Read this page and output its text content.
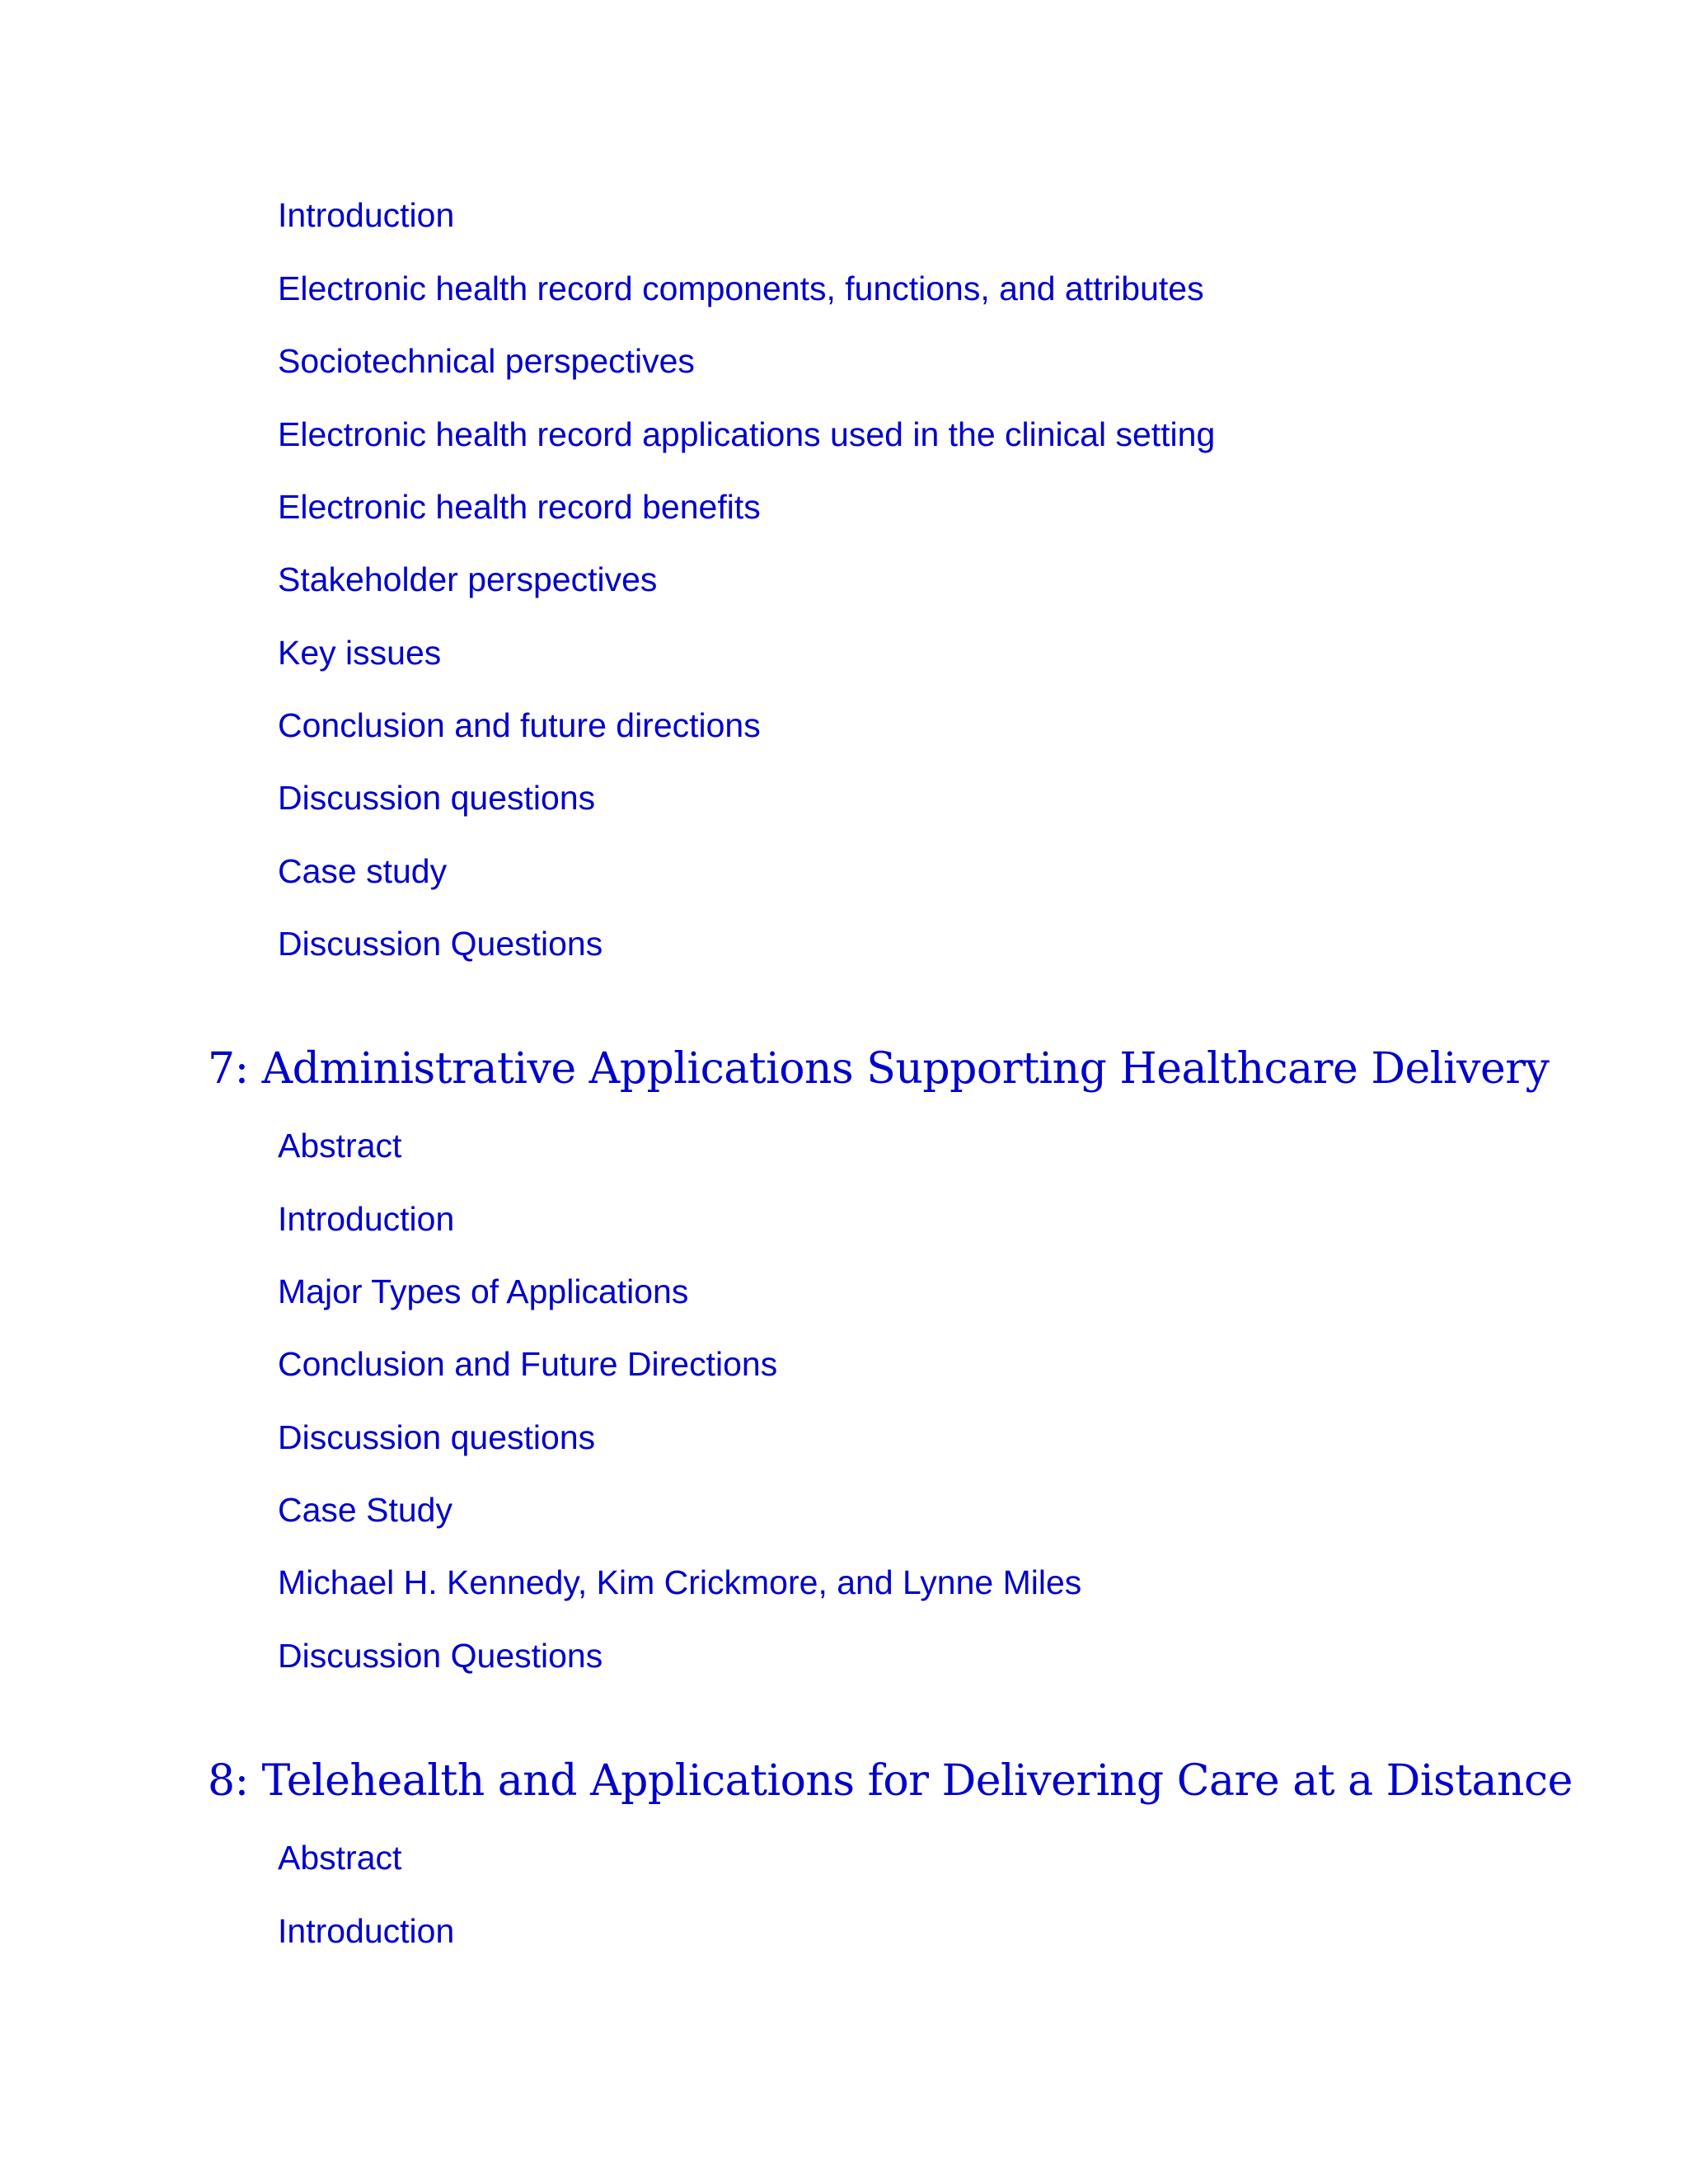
Introduction
Electronic health record components, functions, and attributes
Sociotechnical perspectives
Electronic health record applications used in the clinical setting
Electronic health record benefits
Stakeholder perspectives
Key issues
Conclusion and future directions
Discussion questions
Case study
Discussion Questions
7: Administrative Applications Supporting Healthcare Delivery
Abstract
Introduction
Major Types of Applications
Conclusion and Future Directions
Discussion questions
Case Study
Michael H. Kennedy, Kim Crickmore, and Lynne Miles
Discussion Questions
8: Telehealth and Applications for Delivering Care at a Distance
Abstract
Introduction
